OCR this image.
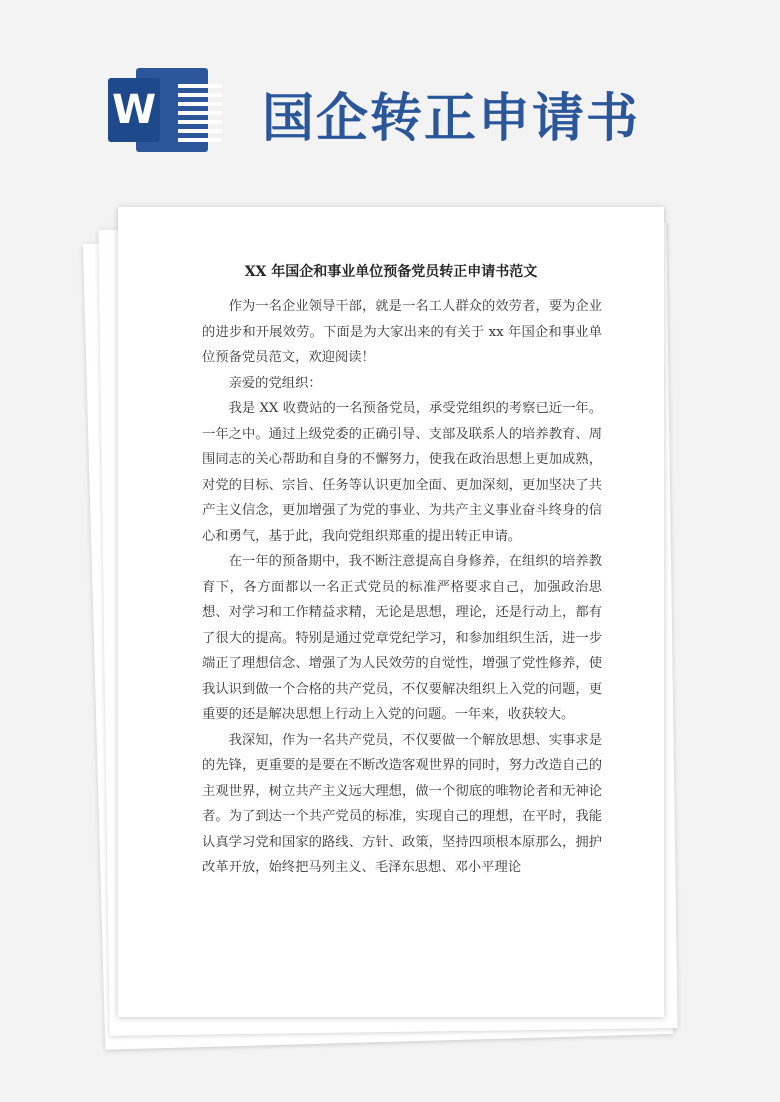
W 国企转正申请书
XX 年国企和事业单位预备党员转正申请书范文

作为一名企业领导干部，就是一名工人群众的效劳者，要为企业的进步和开展效劳。下面是为大家出来的有关于 xx 年国企和事业单位预备党员范文，欢迎阅读！

亲爱的党组织：

我是 XX 收费站的一名预备党员，承受党组织的考察已近一年。一年之中。通过上级党委的正确引导、支部及联系人的培养教育、周围同志的关心帮助和自身的不懈努力，使我在政治思想上更加成熟，对党的目标、宗旨、任务等认识更加全面、更加深刻，更加坚决了共产主义信念，更加增强了为党的事业、为共产主义事业奋斗终身的信心和勇气，基于此，我向党组织郑重的提出转正申请。

在一年的预备期中，我不断注意提高自身修养，在组织的培养教育下，各方面都以一名正式党员的标准严格要求自己，加强政治思想、对学习和工作精益求精，无论是思想，理论，还是行动上，都有了很大的提高。特别是通过党章党纪学习，和参加组织生活，进一步端正了理想信念、增强了为人民效劳的自觉性，增强了党性修养，使我认识到做一个合格的共产党员，不仅要解决组织上入党的问题，更重要的还是解决思想上行动上入党的问题。一年来，收获较大。

我深知，作为一名共产党员，不仅要做一个解放思想、实事求是的先锋，更重要的是要在不断改造客观世界的同时，努力改造自己的主观世界，树立共产主义远大理想，做一个彻底的唯物论者和无神论者。为了到达一个共产党员的标准，实现自己的理想，在平时，我能认真学习党和国家的路线、方针、政策，坚持四项根本原那么，拥护改革开放，始终把马列主义、毛泽东思想、邓小平理论
